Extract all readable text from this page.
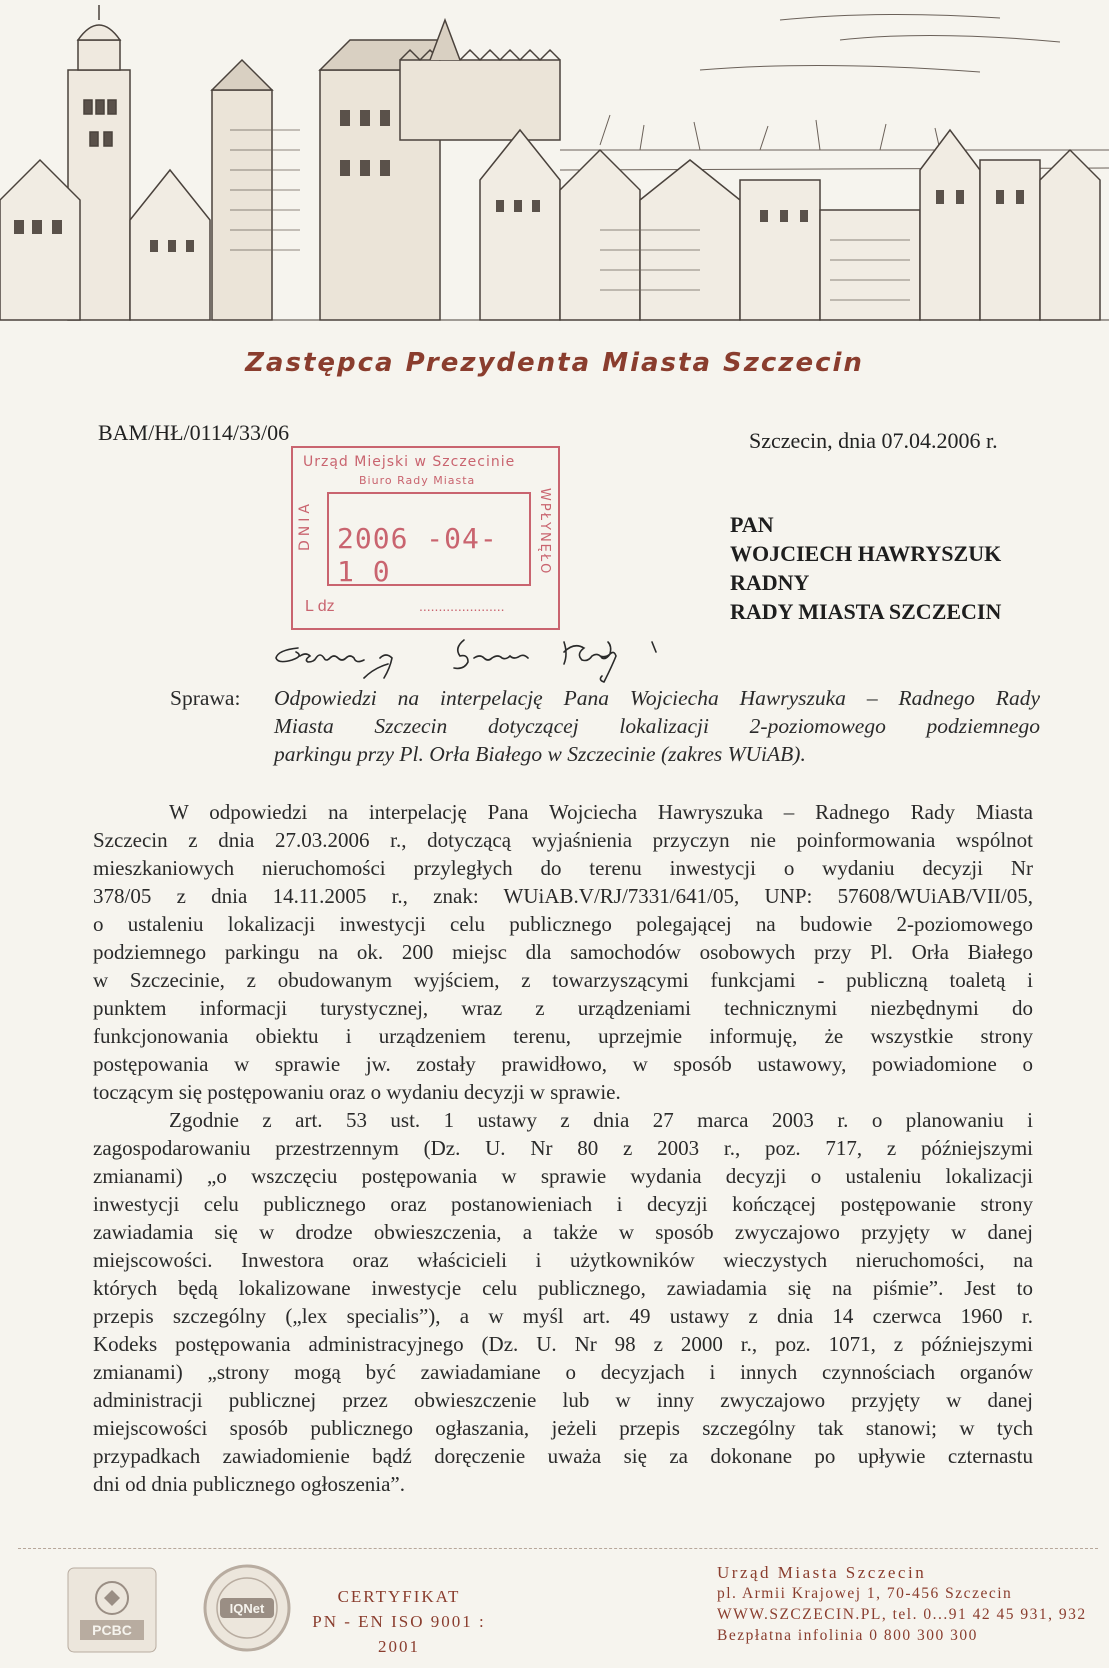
Zastępca Prezydenta Miasta Szczecin
BAM/HŁ/0114/33/06	Szczecin, dnia 07.04.2006 r.
Urząd Miejski w Szczecinie
Biuro Rady Miasta
DNIA 2006 -04- 1 0	WPŁYNĘŁO
L dz	......................
PAN
WOJCIECH HAWRYSZUK
RADNY
RADY MIASTA SZCZECIN
Sprawa: Odpowiedzi na interpelację Pana Wojciecha Hawryszuka – Radnego Rady
Miasta Szczecin dotyczącej lokalizacji 2-poziomowego podziemnego
parkingu przy Pl. Orła Białego w Szczecinie (zakres WUiAB).
W odpowiedzi na interpelację Pana Wojciecha Hawryszuka – Radnego Rady Miasta
Szczecin z dnia 27.03.2006 r., dotyczącą wyjaśnienia przyczyn nie poinformowania wspólnot
mieszkaniowych nieruchomości przyległych do terenu inwestycji o wydaniu decyzji Nr
378/05 z dnia 14.11.2005 r., znak: WUiAB.V/RJ/7331/641/05, UNP: 57608/WUiAB/VII/05,
o ustaleniu lokalizacji inwestycji celu publicznego polegającej na budowie 2-poziomowego
podziemnego parkingu na ok. 200 miejsc dla samochodów osobowych przy Pl. Orła Białego
w Szczecinie, z obudowanym wyjściem, z towarzyszącymi funkcjami - publiczną toaletą i
punktem informacji turystycznej, wraz z urządzeniami technicznymi niezbędnymi do
funkcjonowania obiektu i urządzeniem terenu, uprzejmie informuję, że wszystkie strony
postępowania w sprawie jw. zostały prawidłowo, w sposób ustawowy, powiadomione o
toczącym się postępowaniu oraz o wydaniu decyzji w sprawie.
Zgodnie z art. 53 ust. 1 ustawy z dnia 27 marca 2003 r. o planowaniu i
zagospodarowaniu przestrzennym (Dz. U. Nr 80 z 2003 r., poz. 717, z późniejszymi
zmianami) „o wszczęciu postępowania w sprawie wydania decyzji o ustaleniu lokalizacji
inwestycji celu publicznego oraz postanowieniach i decyzji kończącej postępowanie strony
zawiadamia się w drodze obwieszczenia, a także w sposób zwyczajowo przyjęty w danej
miejscowości. Inwestora oraz właścicieli i użytkowników wieczystych nieruchomości, na
których będą lokalizowane inwestycje celu publicznego, zawiadamia się na piśmie”. Jest to
przepis szczególny („lex specialis”), a w myśl art. 49 ustawy z dnia 14 czerwca 1960 r.
Kodeks postępowania administracyjnego (Dz. U. Nr 98 z 2000 r., poz. 1071, z późniejszymi
zmianami) „strony mogą być zawiadamiane o decyzjach i innych czynnościach organów
administracji publicznej przez obwieszczenie lub w inny zwyczajowo przyjęty w danej
miejscowości sposób publicznego ogłaszania, jeżeli przepis szczególny tak stanowi; w tych
przypadkach zawiadomienie bądź doręczenie uważa się za dokonane po upływie czternastu
dni od dnia publicznego ogłoszenia”.
PCBC
IQNet
CERTYFIKAT
PN - EN ISO 9001 : 2001
Urząd Miasta Szczecin
pl. Armii Krajowej 1, 70-456 Szczecin
WWW.SZCZECIN.PL, tel. 0...91 42 45 931, 932
Bezpłatna infolinia 0 800 300 300
